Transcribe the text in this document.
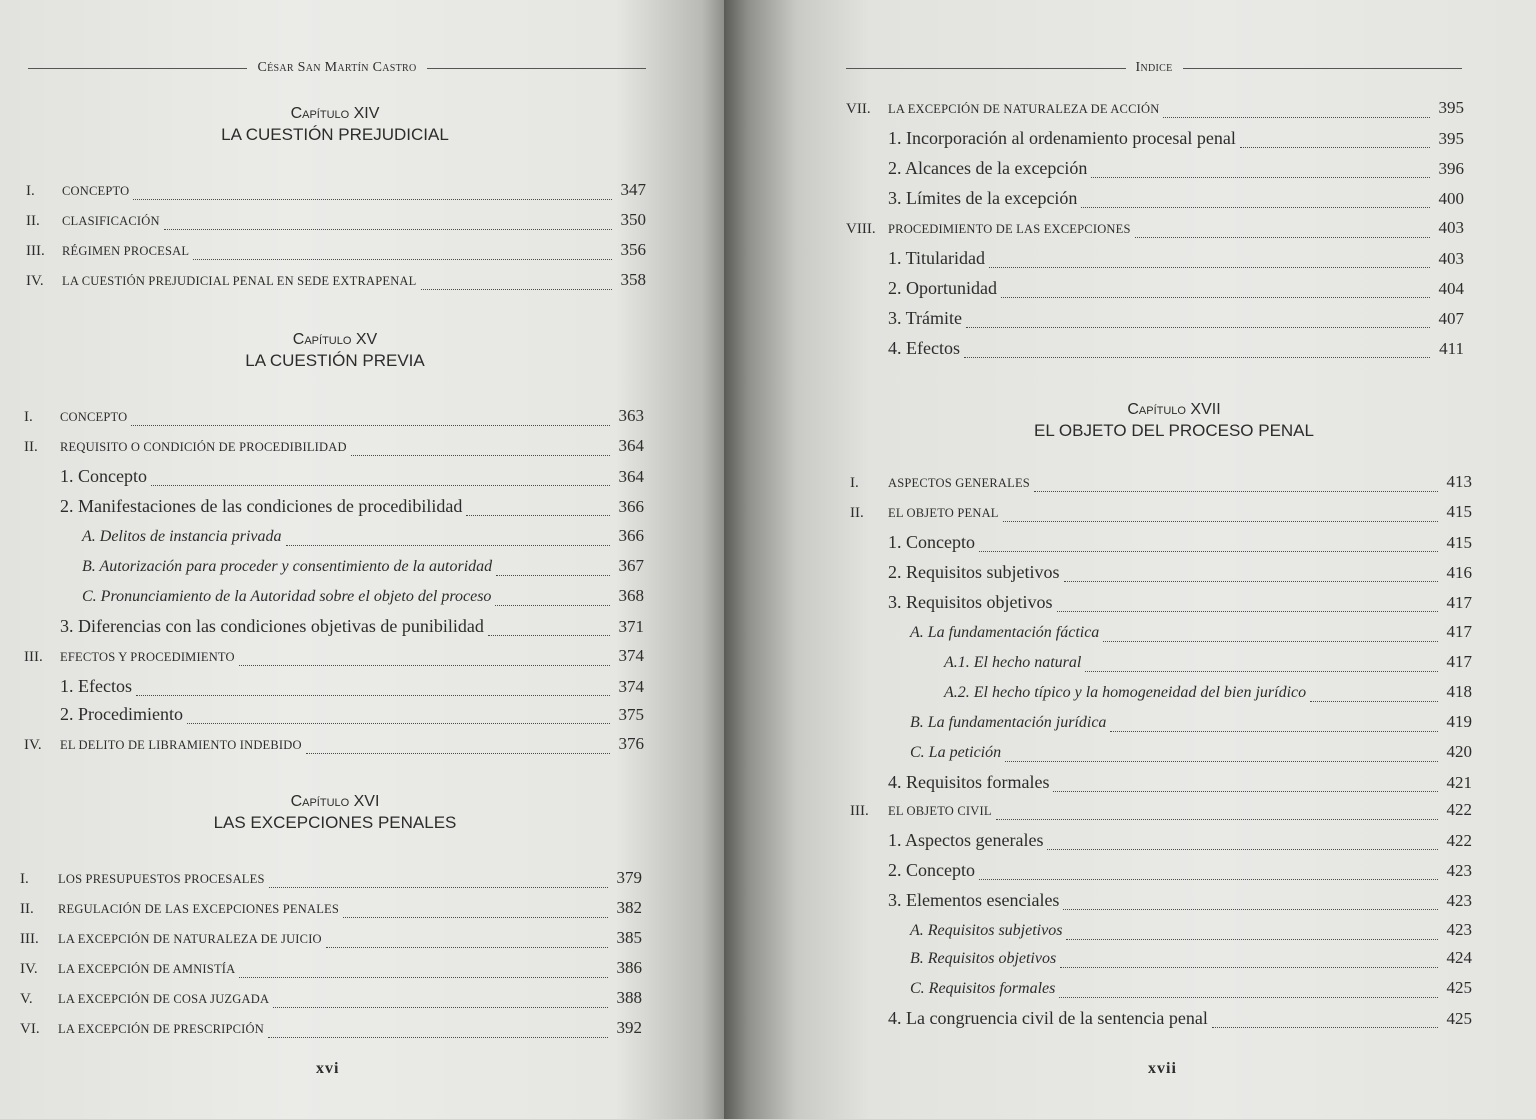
César San Martín Castro
Capítulo XIV
LA CUESTIÓN PREJUDICIAL
I.	CONCEPTO	347
II.	CLASIFICACIÓN	350
III.	RÉGIMEN PROCESAL	356
IV.	LA CUESTIÓN PREJUDICIAL PENAL EN SEDE EXTRAPENAL	358
Capítulo XV
LA CUESTIÓN PREVIA
I.	CONCEPTO	363
II.	REQUISITO O CONDICIÓN DE PROCEDIBILIDAD	364
1. Concepto	364
2. Manifestaciones de las condiciones de procedibilidad	366
A. Delitos de instancia privada	366
B. Autorización para proceder y consentimiento de la autoridad	367
C. Pronunciamiento de la Autoridad sobre el objeto del proceso	368
3. Diferencias con las condiciones objetivas de punibilidad	371
III.	EFECTOS Y PROCEDIMIENTO	374
1. Efectos	374
2. Procedimiento	375
IV.	EL DELITO DE LIBRAMIENTO INDEBIDO	376
Capítulo XVI
LAS EXCEPCIONES PENALES
I.	LOS PRESUPUESTOS PROCESALES	379
II.	REGULACIÓN DE LAS EXCEPCIONES PENALES	382
III.	LA EXCEPCIÓN DE NATURALEZA DE JUICIO	385
IV.	LA EXCEPCIÓN DE AMNISTÍA	386
V.	LA EXCEPCIÓN DE COSA JUZGADA	388
VI.	LA EXCEPCIÓN DE PRESCRIPCIÓN	392
xvi
Indice
VII.	LA EXCEPCIÓN DE NATURALEZA DE ACCIÓN	395
1. Incorporación al ordenamiento procesal penal	395
2. Alcances de la excepción	396
3. Límites de la excepción	400
VIII. PROCEDIMIENTO DE LAS EXCEPCIONES	403
1. Titularidad	403
2. Oportunidad	404
3. Trámite	407
4. Efectos	411
Capítulo XVII
EL OBJETO DEL PROCESO PENAL
I.	ASPECTOS GENERALES	413
II.	EL OBJETO PENAL	415
1. Concepto	415
2. Requisitos subjetivos	416
3. Requisitos objetivos	417
A. La fundamentación fáctica	417
A.1. El hecho natural	417
A.2. El hecho típico y la homogeneidad del bien jurídico	418
B. La fundamentación jurídica	419
C. La petición	420
4. Requisitos formales	421
III.	EL OBJETO CIVIL	422
1. Aspectos generales	422
2. Concepto	423
3. Elementos esenciales	423
A. Requisitos subjetivos	423
B. Requisitos objetivos	424
C. Requisitos formales	425
4. La congruencia civil de la sentencia penal	425
xvii
